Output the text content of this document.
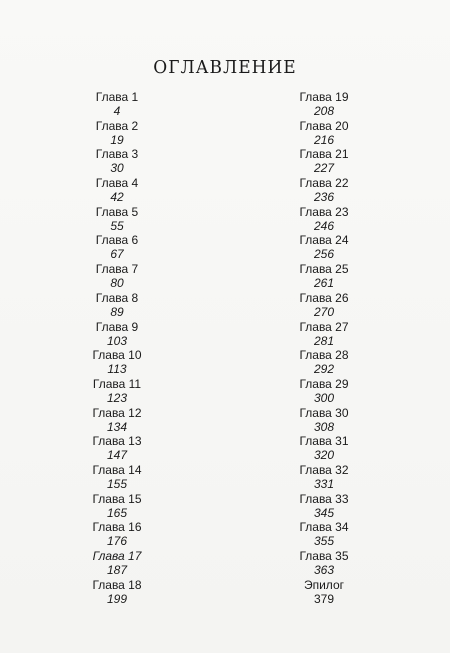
ОГЛАВЛЕНИЕ
Глава 1
4
Глава 2
19
Глава 3
30
Глава 4
42
Глава 5
55
Глава 6
67
Глава 7
80
Глава 8
89
Глава 9
103
Глава 10
113
Глава 11
123
Глава 12
134
Глава 13
147
Глава 14
155
Глава 15
165
Глава 16
176
Глава 17
187
Глава 18
199
Глава 19
208
Глава 20
216
Глава 21
227
Глава 22
236
Глава 23
246
Глава 24
256
Глава 25
261
Глава 26
270
Глава 27
281
Глава 28
292
Глава 29
300
Глава 30
308
Глава 31
320
Глава 32
331
Глава 33
345
Глава 34
355
Глава 35
363
Эпилог
379
